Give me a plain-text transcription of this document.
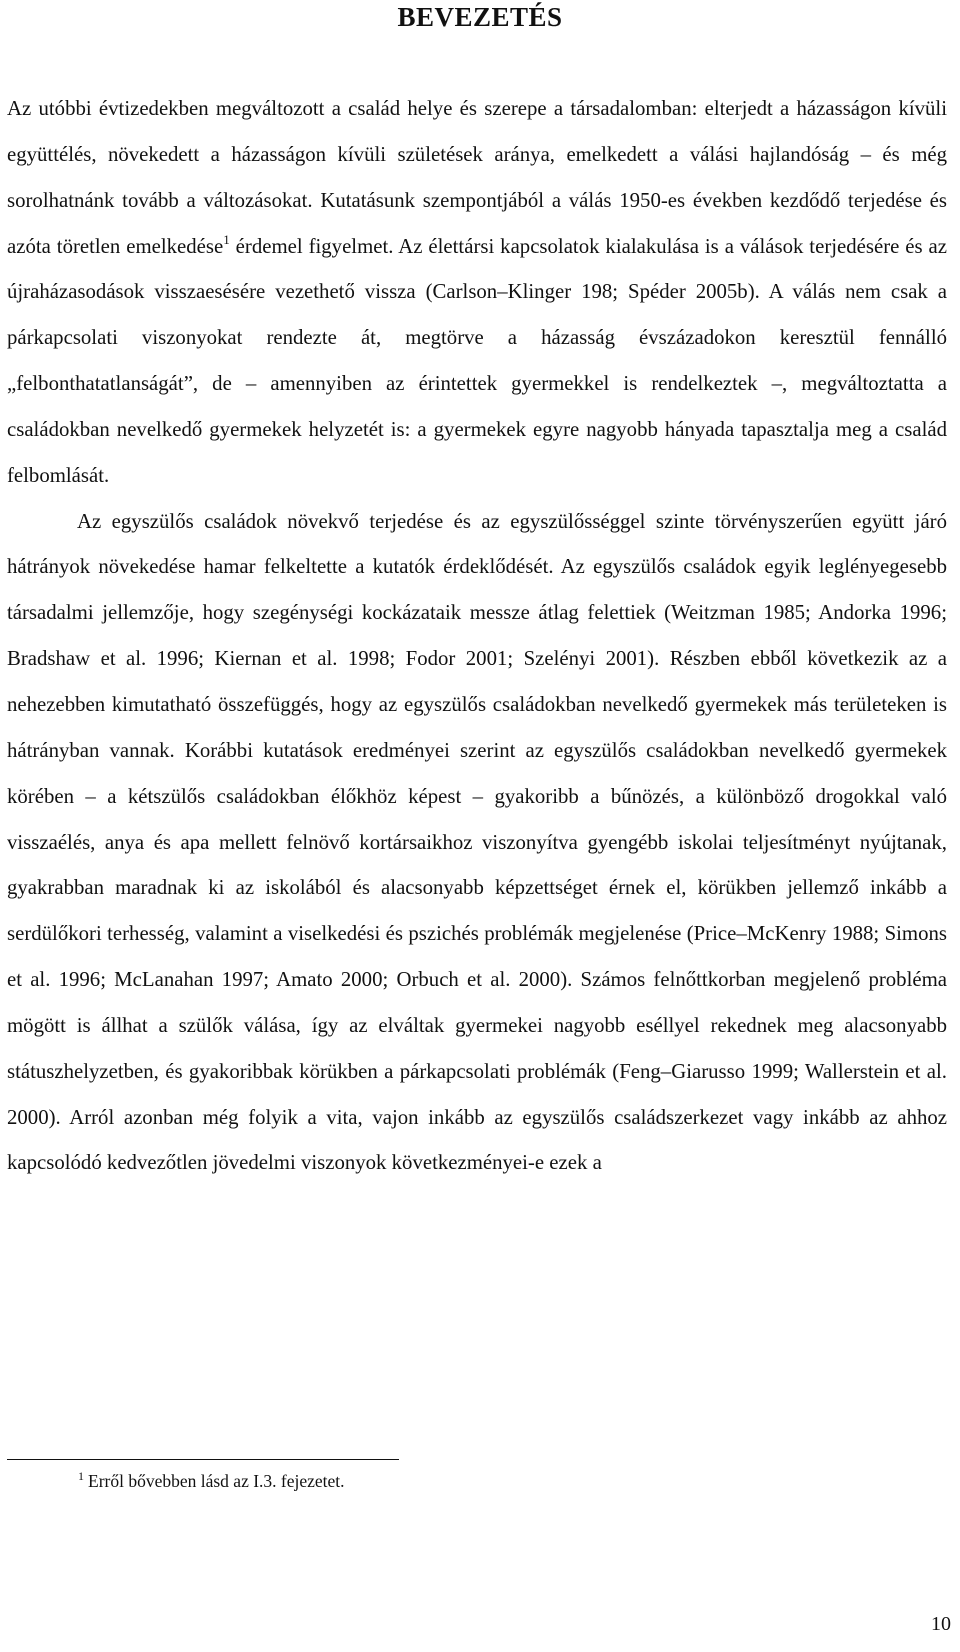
BEVEZETÉS

Az utóbbi évtizedekben megváltozott a család helye és szerepe a társadalomban: elterjedt a házasságon kívüli együttélés, növekedett a házasságon kívüli születések aránya, emelkedett a válási hajlandóság – és még sorolhatnánk tovább a változásokat. Kutatásunk szempontjából a válás 1950-es években kezdődő terjedése és azóta töretlen emelkedése$^1$ érdemel figyelmet. Az élettársi kapcsolatok kialakulása is a válások terjedésére és az újraházasodások visszaesésére vezethető vissza (Carlson–Klinger 198; Spéder 2005b). A válás nem csak a párkapcsolati viszonyokat rendezte át, megtörve a házasság évszázadokon keresztül fennálló „felbonthatatlanságát”, de – amennyiben az érintettek gyermekkel is rendelkeztek –, megváltoztatta a családokban nevelkedő gyermekek helyzetét is: a gyermekek egyre nagyobb hányada tapasztalja meg a család felbomlását.

Az egyszülős családok növekvő terjedése és az egyszülősséggel szinte törvényszerűen együtt járó hátrányok növekedése hamar felkeltette a kutatók érdeklődését. Az egyszülős családok egyik leglényegesebb társadalmi jellemzője, hogy szegénységi kockázataik messze átlag felettiek (Weitzman 1985; Andorka 1996; Bradshaw et al. 1996; Kiernan et al. 1998; Fodor 2001; Szelényi 2001). Részben ebből következik az a nehezebben kimutatható összefüggés, hogy az egyszülős családokban nevelkedő gyermekek más területeken is hátrányban vannak. Korábbi kutatások eredményei szerint az egyszülős családokban nevelkedő gyermekek körében – a kétszülős családokban élőkhöz képest – gyakoribb a bűnözés, a különböző drogokkal való visszaélés, anya és apa mellett felnövő kortársaikhoz viszonyítva gyengébb iskolai teljesítményt nyújtanak, gyakrabban maradnak ki az iskolából és alacsonyabb képzettséget érnek el, körükben jellemző inkább a serdülőkori terhesség, valamint a viselkedési és pszichés problémák megjelenése (Price–McKenry 1988; Simons et al. 1996; McLanahan 1997; Amato 2000; Orbuch et al. 2000). Számos felnőttkorban megjelenő probléma mögött is állhat a szülők válása, így az elváltak gyermekei nagyobb eséllyel rekednek meg alacsonyabb státuszhelyzetben, és gyakoribbak körükben a párkapcsolati problémák (Feng–Giarusso 1999; Wallerstein et al. 2000). Arról azonban még folyik a vita, vajon inkább az egyszülős családszerkezet vagy inkább az ahhoz kapcsolódó kedvezőtlen jövedelmi viszonyok következményei-e ezek a

$^1$ Erről bővebben lásd az I.3. fejezetet.
10
